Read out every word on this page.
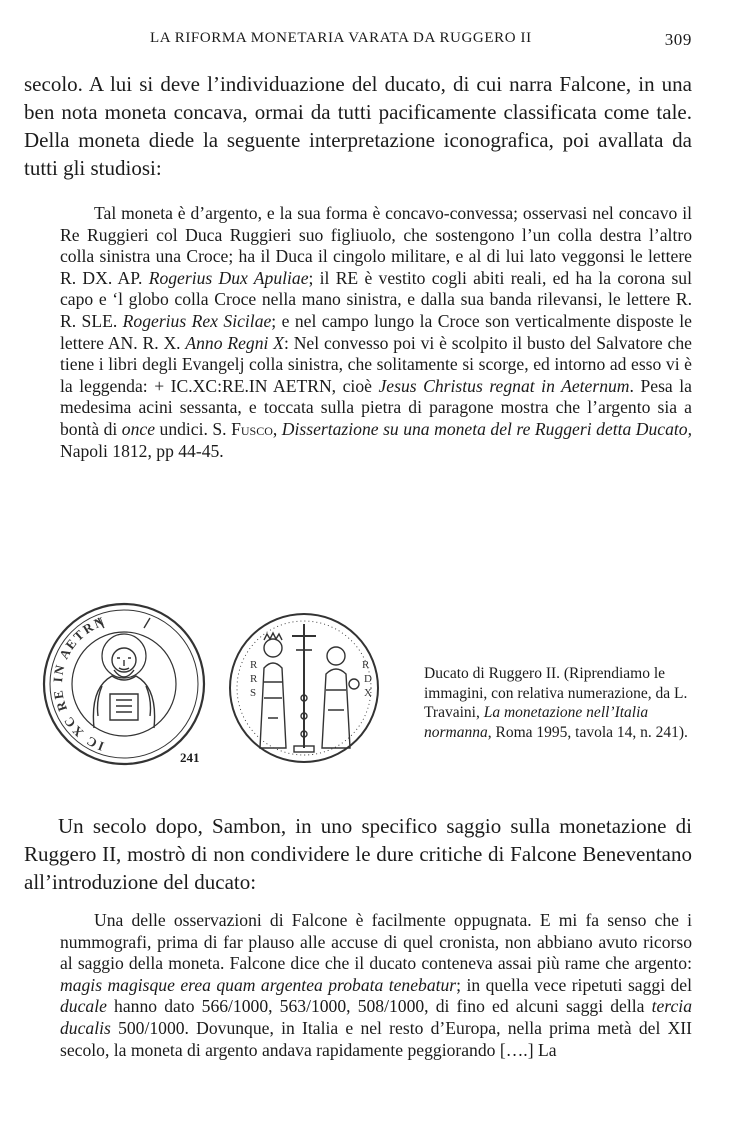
LA RIFORMA MONETARIA VARATA DA RUGGERO II	309

secolo. A lui si deve l’individuazione del ducato, di cui narra Falcone, in una ben nota moneta concava, ormai da tutti pacificamente classificata come tale. Della moneta diede la seguente interpretazione iconografica, poi avallata da tutti gli studiosi:

Tal moneta è d’argento, e la sua forma è concavo-convessa; osservasi nel concavo il Re Ruggieri col Duca Ruggieri suo figliuolo, che sostengono l’un colla destra l’altro colla sinistra una Croce; ha il Duca il cingolo militare, e al di lui lato veggonsi le lettere R. DX. AP. Rogerius Dux Apuliae; il RE è vestito cogli abiti reali, ed ha la corona sul capo e ‘l globo colla Croce nella mano sinistra, e dalla sua banda rilevansi, le lettere R. R. SLE. Rogerius Rex Sicilae; e nel campo lungo la Croce son verticalmente disposte le lettere AN. R. X. Anno Regni X: Nel convesso poi vi è scolpito il busto del Salvatore che tiene i libri degli Evangelj colla sinistra, che solitamente si scorge, ed intorno ad esso vi è la leggenda: + IC.XC:RE.IN AETRN, cioè Jesus Christus regnat in Aeternum. Pesa la medesima acini sessanta, e toccata sulla pietra di paragone mostra che l’argento sia a bontà di once undici. S. Fusco, Dissertazione su una moneta del re Ruggeri detta Ducato, Napoli 1812, pp 44-45.

IC XC RE IN AETRN
R
R
S
R
D
X
241

Ducato di Ruggero II. (Riprendiamo le immagini, con relativa numerazione, da L. Travaini, La monetazione nell’Italia normanna, Roma 1995, tavola 14, n. 241).

Un secolo dopo, Sambon, in uno specifico saggio sulla monetazione di Ruggero II, mostrò di non condividere le dure critiche di Falcone Beneventano all’introduzione del ducato:

Una delle osservazioni di Falcone è facilmente oppugnata. E mi fa senso che i nummografi, prima di far plauso alle accuse di quel cronista, non abbiano avuto ricorso al saggio della moneta. Falcone dice che il ducato conteneva assai più rame che argento: magis magisque erea quam argentea probata tenebatur; in quella vece ripetuti saggi del ducale hanno dato 566/1000, 563/1000, 508/1000, di fino ed alcuni saggi della tercia ducalis 500/1000. Dovunque, in Italia e nel resto d’Europa, nella prima metà del XII secolo, la moneta di argento andava rapidamente peggiorando [….] La
